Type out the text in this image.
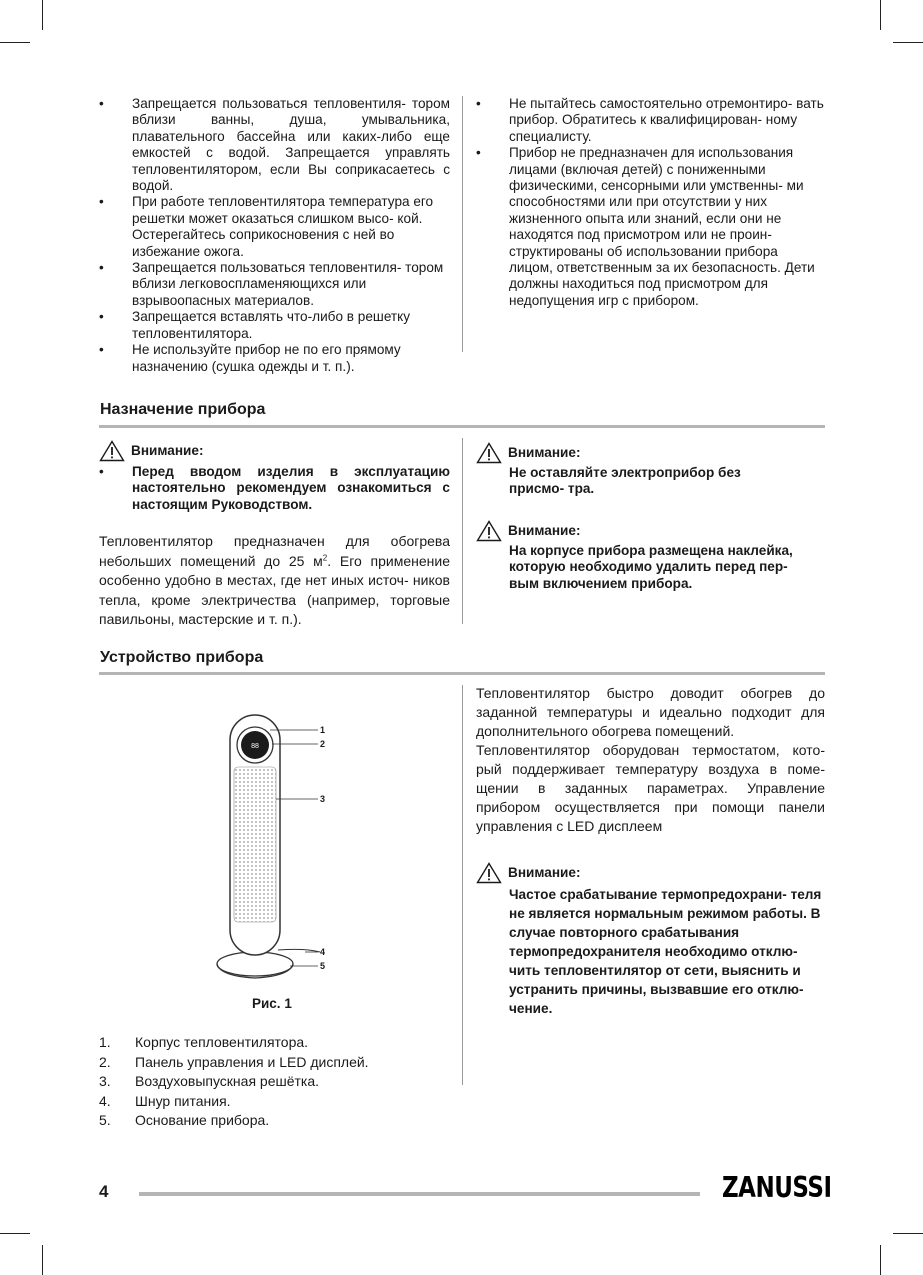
• Запрещается пользоваться тепловентиля- тором вблизи ванны, душа, умывальника, плавательного бассейна или каких-либо еще емкостей с водой. Запрещается управлять тепловентилятором, если Вы соприкасаетесь с водой.
• При работе тепловентилятора температура его решетки может оказаться слишком высо- кой. Остерегайтесь соприкосновения с ней во избежание ожога.
• Запрещается пользоваться тепловентиля- тором вблизи легковоспламеняющихся или взрывоопасных материалов.
• Запрещается вставлять что-либо в решетку тепловентилятора.
• Не используйте прибор не по его прямому назначению (сушка одежды и т. п.).
• Не пытайтесь самостоятельно отремонтиро- вать прибор. Обратитесь к квалифицирован- ному специалисту.
• Прибор не предназначен для использования лицами (включая детей) с пониженными физическими, сенсорными или умственны- ми способностями или при отсутствии у них жизненного опыта или знаний, если они не находятся под присмотром или не проин- структированы об использовании прибора лицом, ответственным за их безопасность. Дети должны находиться под присмотром для недопущения игр с прибором.
Назначение прибора
Внимание:
• Перед вводом изделия в эксплуатацию настоятельно рекомендуем ознакомиться с настоящим Руководством.
Тепловентилятор предназначен для обогрева небольших помещений до 25 $м^2$. Его применение особенно удобно в местах, где нет иных источ- ников тепла, кроме электричества (например, торговые павильоны, мастерские и т. п.).
Внимание:
Не оставляйте электроприбор без присмо- тра.
Внимание:
На корпусе прибора размещена наклейка, которую необходимо удалить перед пер- вым включением прибора.
Устройство прибора
88
1
2
3
4
5
Рис. 1
1. Корпус тепловентилятора.
2. Панель управления и LED дисплей.
3. Воздуховыпускная решётка.
4. Шнур питания.
5. Основание прибора.
Тепловентилятор быстро доводит обогрев до заданной температуры и идеально подходит для дополнительного обогрева помещений.
Тепловентилятор оборудован термостатом, кото- рый поддерживает температуру воздуха в поме- щении в заданных параметрах. Управление прибором осуществляется при помощи панели управления с LED дисплеем
Внимание:
Частое срабатывание термопредохрани- теля не является нормальным режимом работы. В случае повторного срабатывания термопредохранителя необходимо отклю- чить тепловентилятор от сети, выяснить и устранить причины, вызвавшие его отклю- чение.
4	ZANUSSI
